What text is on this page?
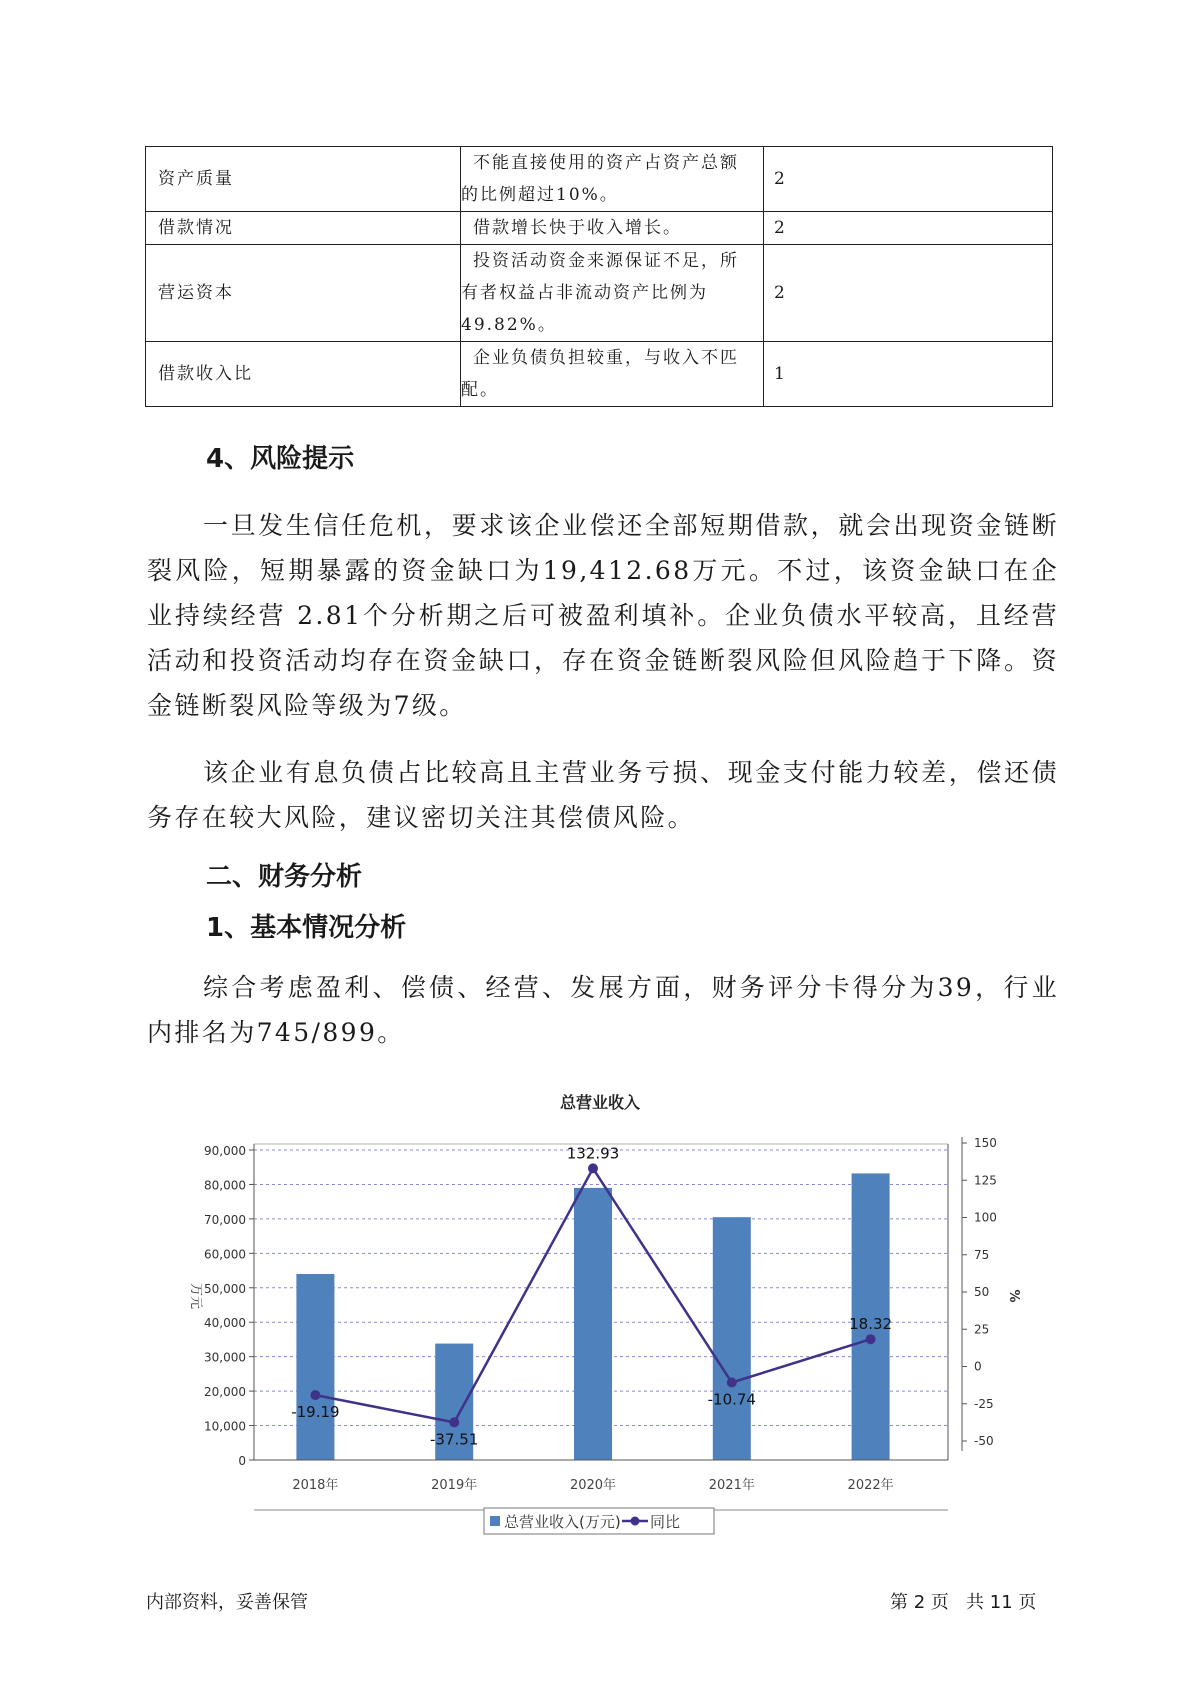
资产质量	不能直接使用的资产占资产总额
的比例超过10%。	2
借款情况	借款增长快于收入增长。	2
营运资本	投资活动资金来源保证不足，所
有者权益占非流动资产比例为
49.82%。	2
借款收入比	企业负债负担较重，与收入不匹
配。	1
4、风险提示

一旦发生信任危机，要求该企业偿还全部短期借款，就会出现资金链断裂风险，短期暴露的资金缺口为19,412.68万元。不过，该资金缺口在企业持续经营 2.81个分析期之后可被盈利填补。企业负债水平较高，且经营活动和投资活动均存在资金缺口，存在资金链断裂风险但风险趋于下降。资金链断裂风险等级为7级。

该企业有息负债占比较高且主营业务亏损、现金支付能力较差，偿还债务存在较大风险，建议密切关注其偿债风险。

二、财务分析
1、基本情况分析

综合考虑盈利、偿债、经营、发展方面，财务评分卡得分为39，行业内排名为745/899。

总营业收入
0
10,000
20,000
30,000
40,000
50,000
60,000
70,000
80,000
90,000
-50
-25
0
25
50
75
100
125
150
-19.19
-37.51
132.93
-10.74
18.32
2018年	2019年	2020年	2021年	2022年
万元	%
总营业收入(万元) 同比
内部资料，妥善保管	第 2 页   共 11 页
